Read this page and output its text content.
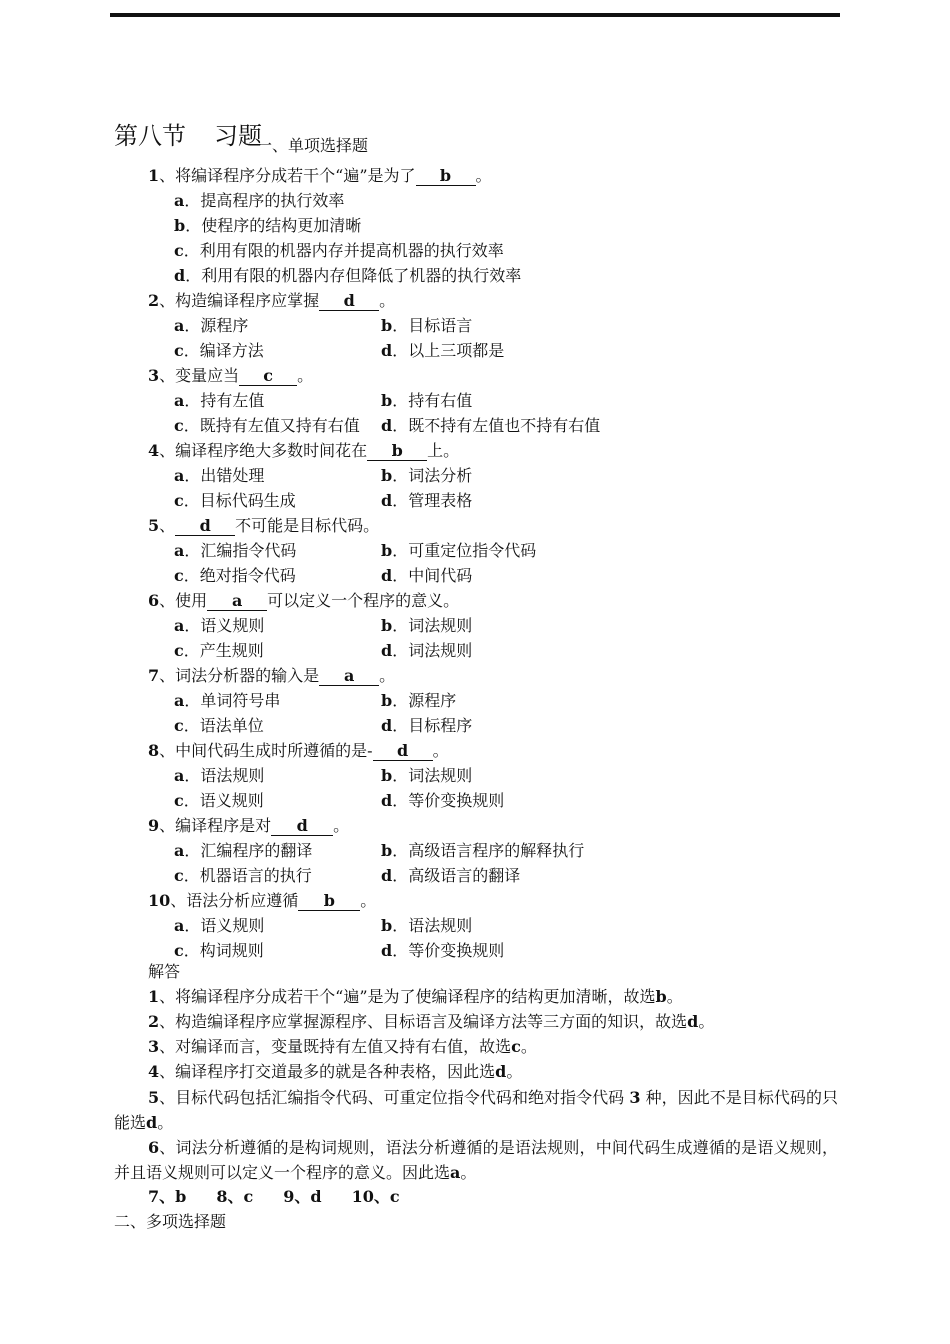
第八节 习题
一、单项选择题
1、将编译程序分成若干个“遍”是为了 b 。
a．提高程序的执行效率
b．使程序的结构更加清晰
c．利用有限的机器内存并提高机器的执行效率
d．利用有限的机器内存但降低了机器的执行效率
2、构造编译程序应掌握 d 。
a．源程序	b．目标语言
c．编译方法	d．以上三项都是
3、变量应当 c 。
a．持有左值	b．持有右值
c．既持有左值又持有右值 d．既不持有左值也不持有右值
4、编译程序绝大多数时间花在 b 上。
a．出错处理	b．词法分析
c．目标代码生成	d．管理表格
5、 d 不可能是目标代码。
a．汇编指令代码	b．可重定位指令代码
c．绝对指令代码	d．中间代码
6、使用 a 可以定义一个程序的意义。
a．语义规则	b．词法规则
c．产生规则	d．词法规则
7、词法分析器的输入是 a 。
a．单词符号串	b．源程序
c．语法单位	d．目标程序
8、中间代码生成时所遵循的是- d 。
a．语法规则	b．词法规则
c．语义规则	d．等价变换规则
9、编译程序是对 d 。
a．汇编程序的翻译	b．高级语言程序的解释执行
c．机器语言的执行	d．高级语言的翻译
10、语法分析应遵循 b 。
a．语义规则	b．语法规则
c．构词规则	d．等价变换规则
解答
1、将编译程序分成若干个“遍”是为了使编译程序的结构更加清晰，故选b。
2、构造编译程序应掌握源程序、目标语言及编译方法等三方面的知识，故选d。
3、对编译而言，变量既持有左值又持有右值，故选c。
4、编译程序打交道最多的就是各种表格，因此选d。
5、目标代码包括汇编指令代码、可重定位指令代码和绝对指令代码 3 种，因此不是目标代码的只能选d。
6、词法分析遵循的是构词规则，语法分析遵循的是语法规则，中间代码生成遵循的是语义规则，并且语义规则可以定义一个程序的意义。因此选a。
7、b 8、c 9、d 10、c
二、多项选择题
